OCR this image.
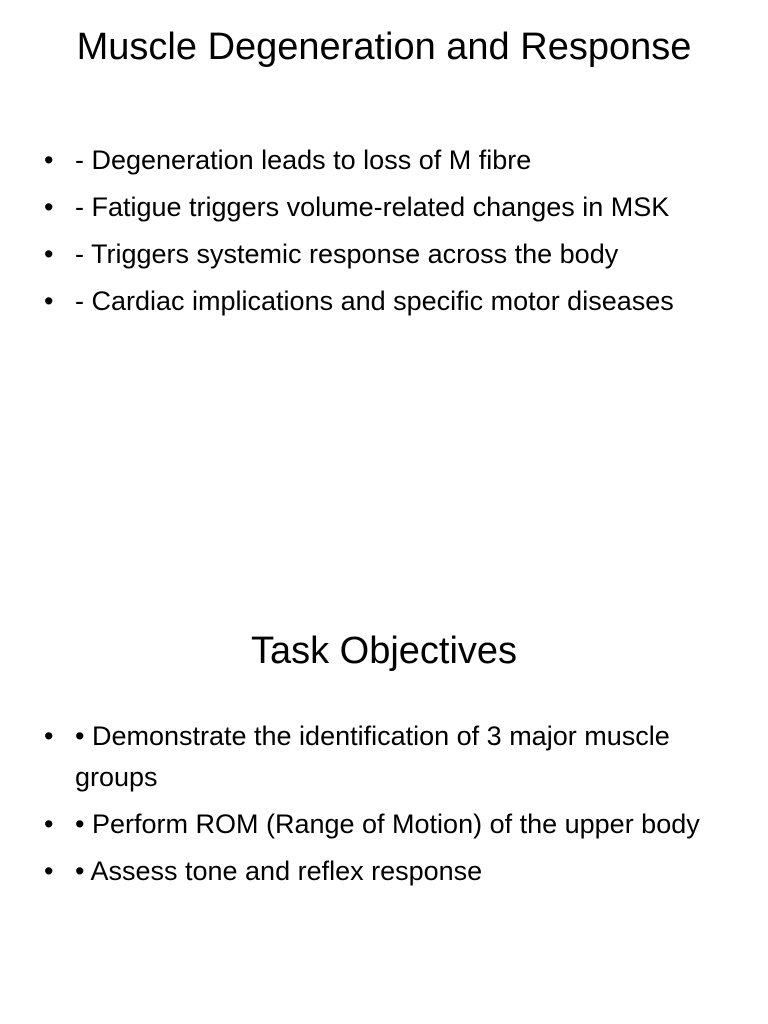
Muscle Degeneration and Response
• - Degeneration leads to loss of M fibre
• - Fatigue triggers volume-related changes in MSK
• - Triggers systemic response across the body
• - Cardiac implications and specific motor diseases
Task Objectives
• • Demonstrate the identification of 3 major muscle groups
• • Perform ROM (Range of Motion) of the upper body
• • Assess tone and reflex response
